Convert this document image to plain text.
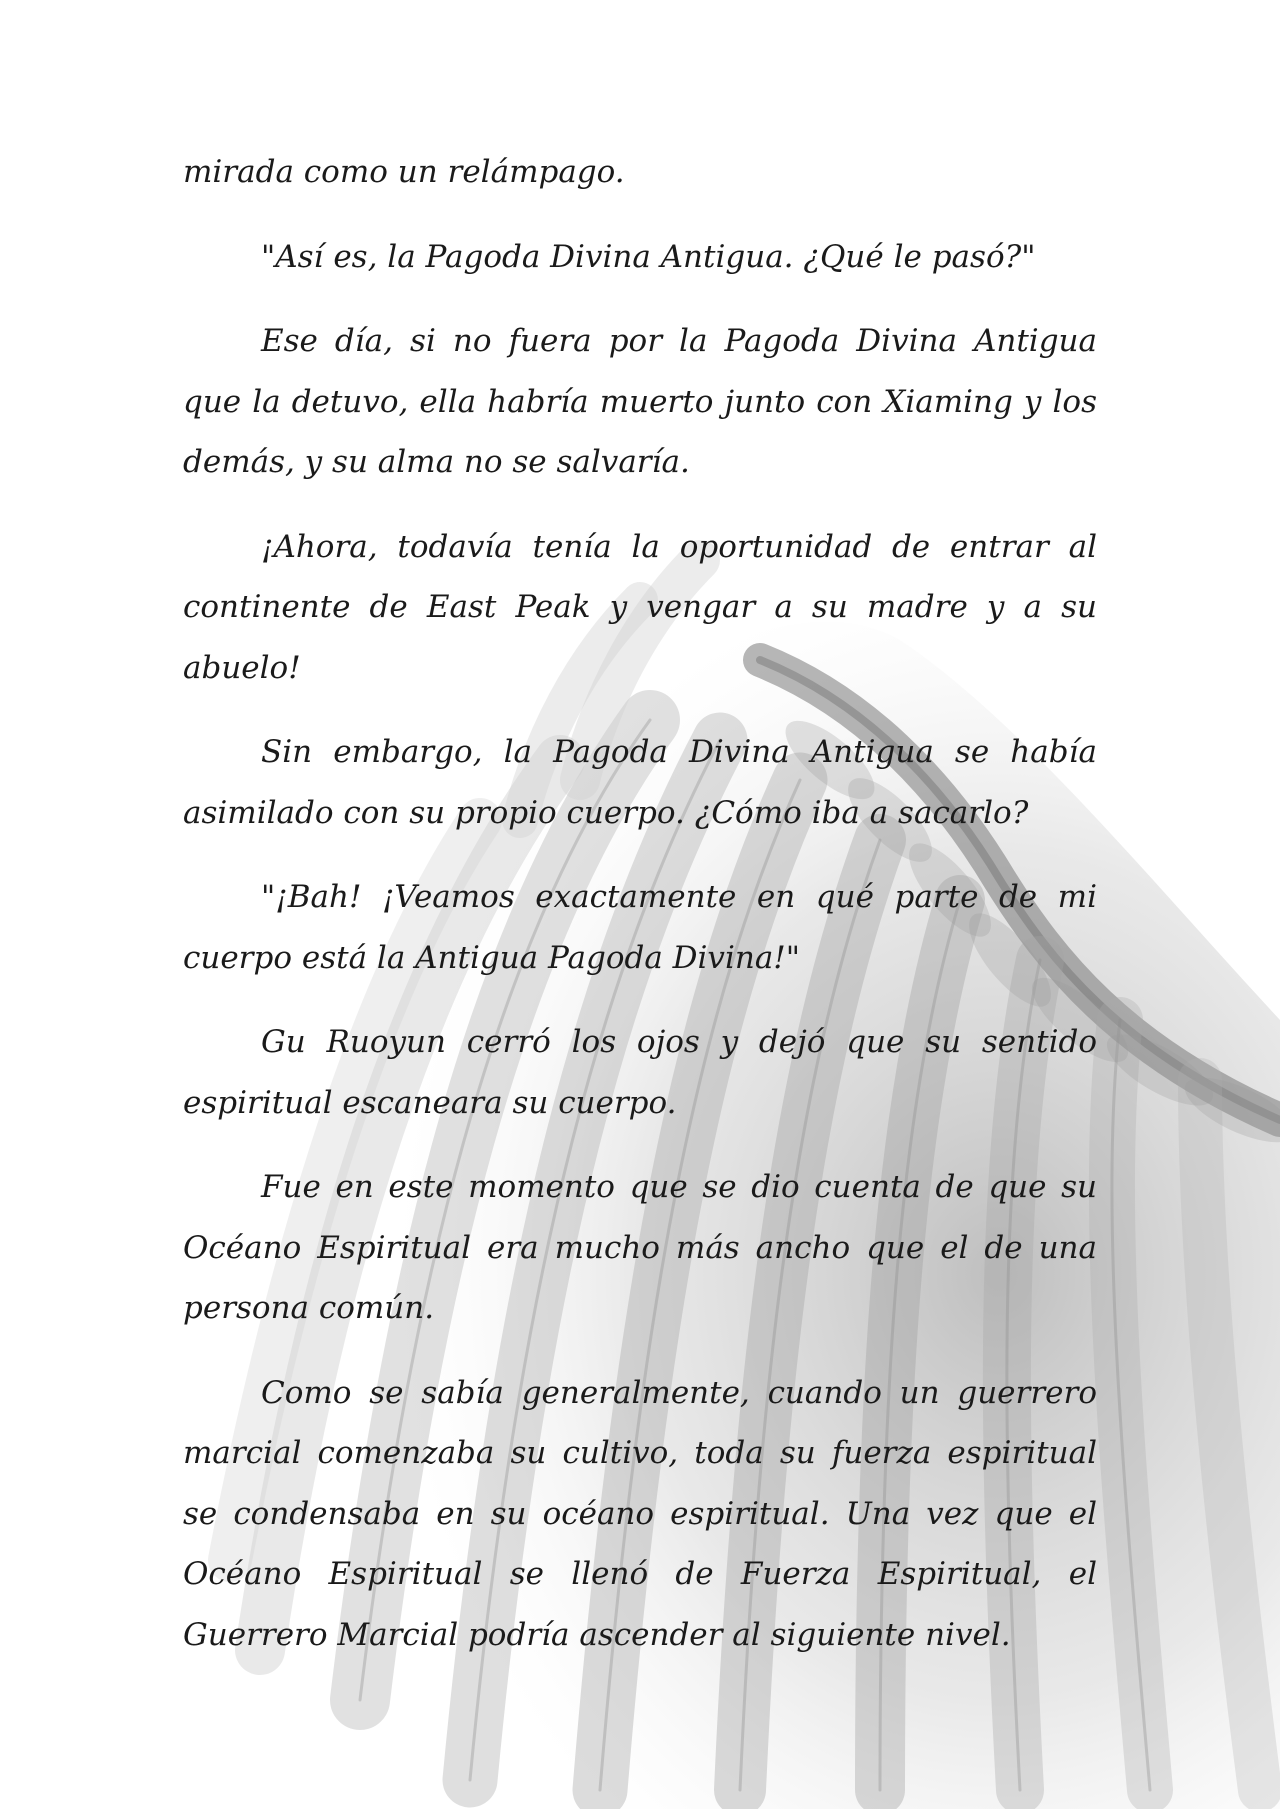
mirada como un relámpago.

"Así es, la Pagoda Divina Antigua. ¿Qué le pasó?"

Ese día, si no fuera por la Pagoda Divina Antigua que la detuvo, ella habría muerto junto con Xiaming y los demás, y su alma no se salvaría.

¡Ahora, todavía tenía la oportunidad de entrar al continente de East Peak y vengar a su madre y a su abuelo!

Sin embargo, la Pagoda Divina Antigua se había asimilado con su propio cuerpo. ¿Cómo iba a sacarlo?

"¡Bah! ¡Veamos exactamente en qué parte de mi cuerpo está la Antigua Pagoda Divina!"

Gu Ruoyun cerró los ojos y dejó que su sentido espiritual escaneara su cuerpo.

Fue en este momento que se dio cuenta de que su Océano Espiritual era mucho más ancho que el de una persona común.

Como se sabía generalmente, cuando un guerrero marcial comenzaba su cultivo, toda su fuerza espiritual se condensaba en su océano espiritual. Una vez que el Océano Espiritual se llenó de Fuerza Espiritual, el Guerrero Marcial podría ascender al siguiente nivel.
